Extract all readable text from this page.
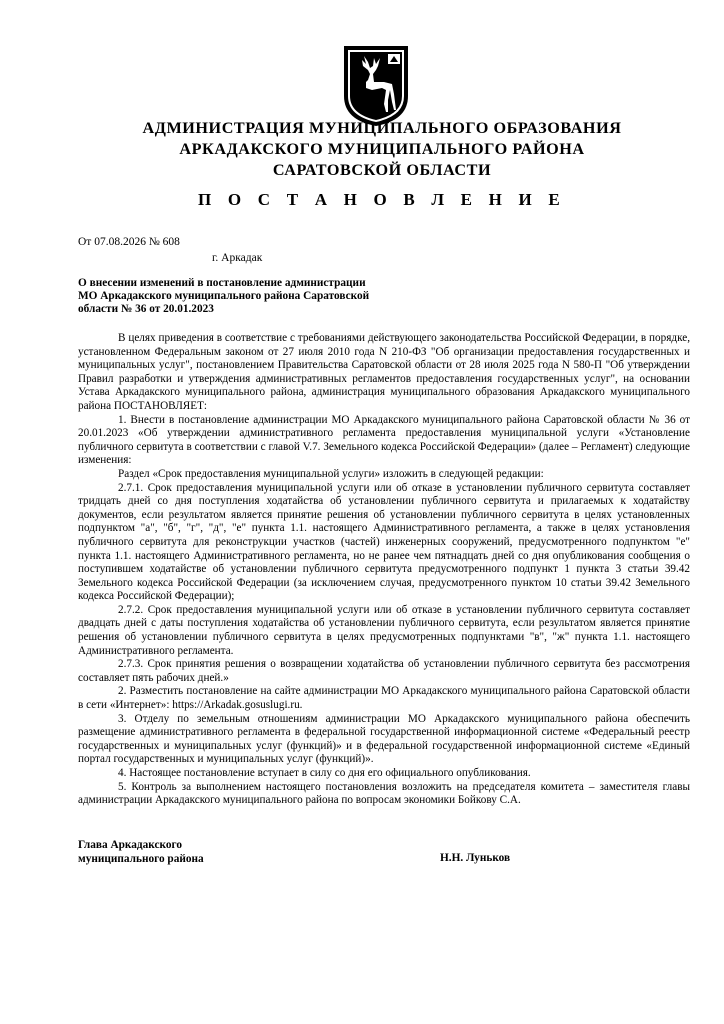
АДМИНИСТРАЦИЯ МУНИЦИПАЛЬНОГО ОБРАЗОВАНИЯ
АРКАДАКСКОГО МУНИЦИПАЛЬНОГО РАЙОНА
САРАТОВСКОЙ ОБЛАСТИ
П О С Т А Н О В Л Е Н И Е
От 07.08.2026 № 608
г. Аркадак
О внесении изменений в постановление администрации
МО Аркадакского муниципального района Саратовской
области № 36 от 20.01.2023

В целях приведения в соответствие с требованиями действующего законодательства Российской Федерации, в порядке, установленном Федеральным законом от 27 июля 2010 года N 210-ФЗ "Об организации предоставления государственных и муниципальных услуг", постановлением Правительства Саратовской области от 28 июля 2025 года N 580-П "Об утверждении Правил разработки и утверждения административных регламентов предоставления государственных услуг", на основании Устава Аркадакского муниципального района, администрация муниципального образования Аркадакского муниципального района ПОСТАНОВЛЯЕТ:

1. Внести в постановление администрации МО Аркадакского муниципального района Саратовской области № 36 от 20.01.2023 «Об утверждении административного регламента предоставления муниципальной услуги «Установление публичного сервитута в соответствии с главой V.7. Земельного кодекса Российской Федерации» (далее – Регламент) следующие изменения:

Раздел «Срок предоставления муниципальной услуги» изложить в следующей редакции:

2.7.1. Срок предоставления муниципальной услуги или об отказе в установлении публичного сервитута составляет тридцать дней со дня поступления ходатайства об установлении публичного сервитута и прилагаемых к ходатайству документов, если результатом является принятие решения об установлении публичного сервитута в целях установленных подпунктом "а", "б", "г", "д", "е" пункта 1.1. настоящего Административного регламента, а также в целях установления публичного сервитута для реконструкции участков (частей) инженерных сооружений, предусмотренного подпунктом "е" пункта 1.1. настоящего Административного регламента, но не ранее чем пятнадцать дней со дня опубликования сообщения о поступившем ходатайстве об установлении публичного сервитута предусмотренного подпункт 1 пункта 3 статьи 39.42 Земельного кодекса Российской Федерации (за исключением случая, предусмотренного пунктом 10 статьи 39.42 Земельного кодекса Российской Федерации);

2.7.2. Срок предоставления муниципальной услуги или об отказе в установлении публичного сервитута составляет двадцать дней с даты поступления ходатайства об установлении публичного сервитута, если результатом является принятие решения об установлении публичного сервитута в целях предусмотренных подпунктами "в", "ж" пункта 1.1. настоящего Административного регламента.

2.7.3. Срок принятия решения о возвращении ходатайства об установлении публичного сервитута без рассмотрения составляет пять рабочих дней.»

2. Разместить постановление на сайте администрации МО Аркадакского муниципального района Саратовской области в сети «Интернет»: https://Arkadak.gosuslugi.ru.

3. Отделу по земельным отношениям администрации МО Аркадакского муниципального района обеспечить размещение административного регламента в федеральной государственной информационной системе «Федеральный реестр государственных и муниципальных услуг (функций)» и в федеральной государственной информационной системе «Единый портал государственных и муниципальных услуг (функций)».

4. Настоящее постановление вступает в силу со дня его официального опубликования.

5. Контроль за выполнением настоящего постановления возложить на председателя комитета – заместителя главы администрации Аркадакского муниципального района по вопросам экономики Бойкову С.А.

Глава Аркадакского
муниципального района	Н.Н. Луньков
